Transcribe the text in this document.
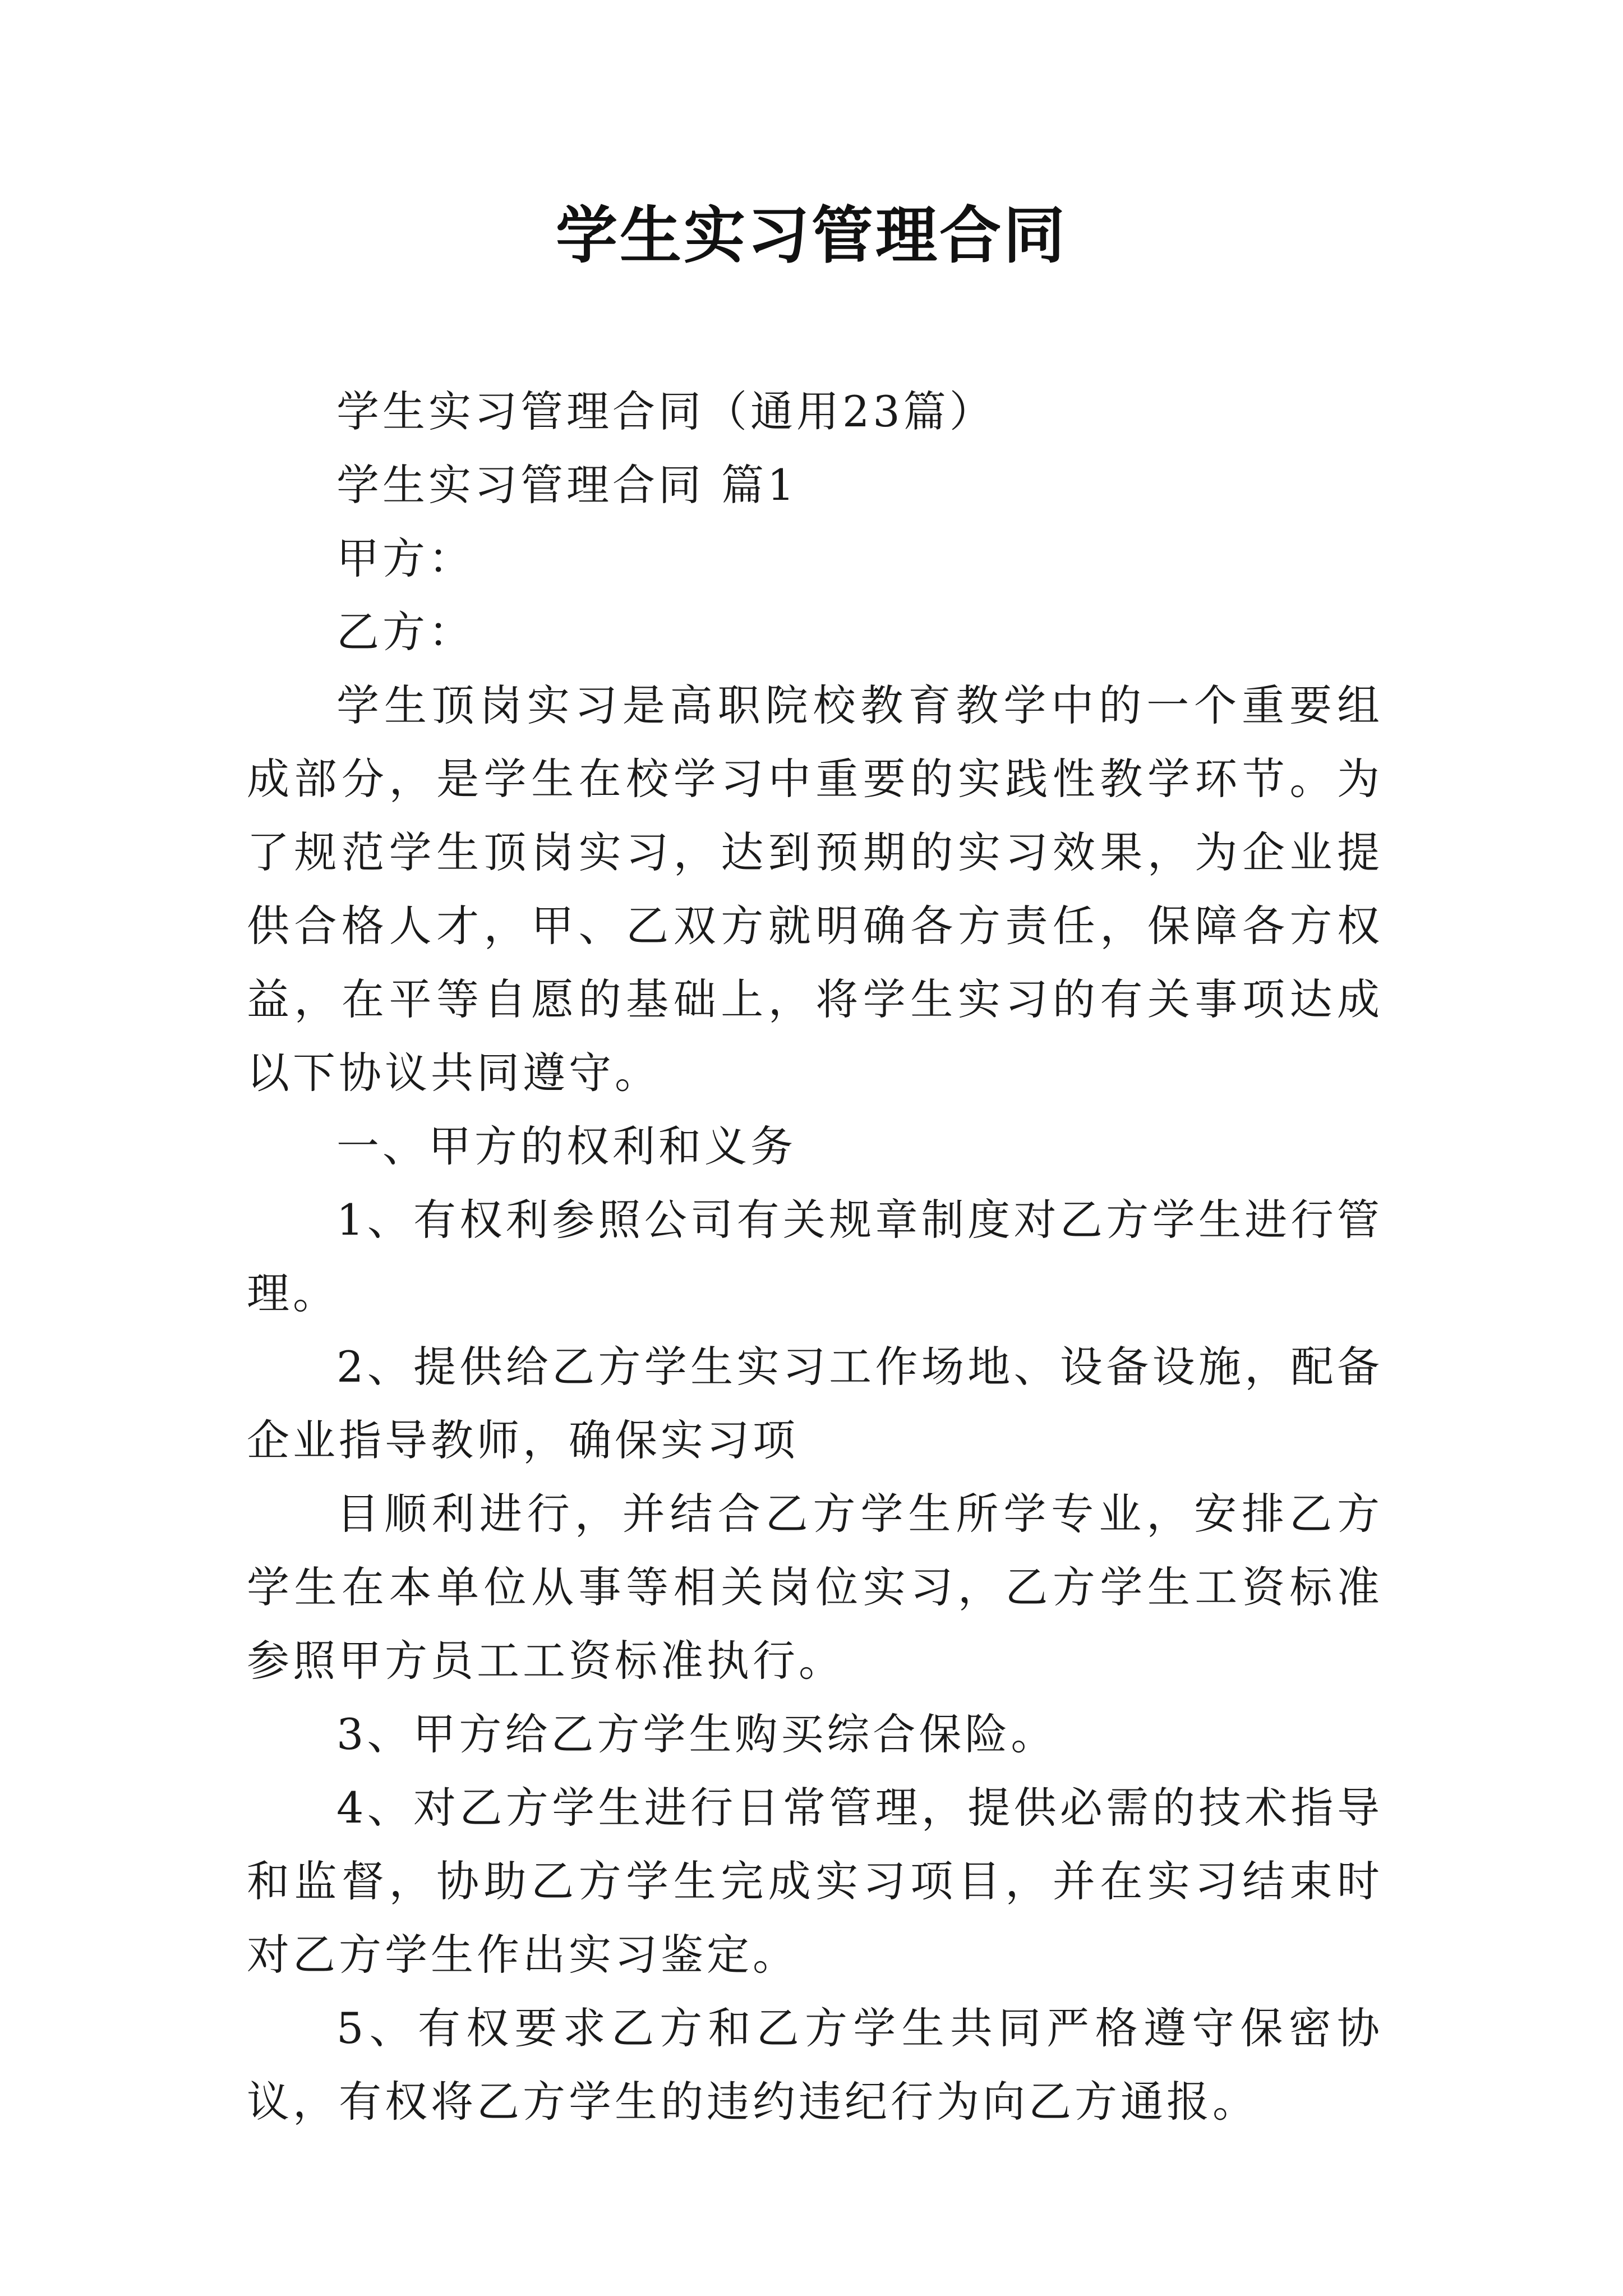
学生实习管理合同

学生实习管理合同（通用23篇）

学生实习管理合同 篇1

甲方：

乙方：

学生顶岗实习是高职院校教育教学中的一个重要组成部分，是学生在校学习中重要的实践性教学环节。为了规范学生顶岗实习，达到预期的实习效果，为企业提供合格人才，甲、乙双方就明确各方责任，保障各方权益，在平等自愿的基础上，将学生实习的有关事项达成以下协议共同遵守。

一、甲方的权利和义务

1、有权利参照公司有关规章制度对乙方学生进行管理。

2、提供给乙方学生实习工作场地、设备设施，配备企业指导教师，确保实习项

目顺利进行，并结合乙方学生所学专业，安排乙方学生在本单位从事等相关岗位实习，乙方学生工资标准参照甲方员工工资标准执行。

3、甲方给乙方学生购买综合保险。

4、对乙方学生进行日常管理，提供必需的技术指导和监督，协助乙方学生完成实习项目，并在实习结束时对乙方学生作出实习鉴定。

5、有权要求乙方和乙方学生共同严格遵守保密协议，有权将乙方学生的违约违纪行为向乙方通报。
